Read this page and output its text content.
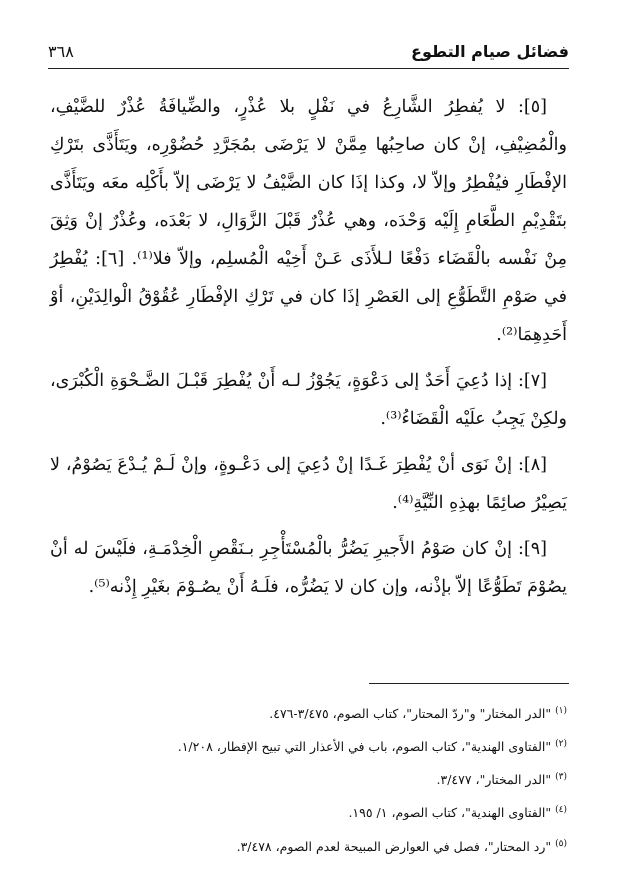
فضائل صيام التطوع
٣٦٨

[٥]: لا يُفطِرُ الشَّارِعُ في نَفْلٍ بلا عُذْرٍ، والضِّيافَةُ عُذْرٌ للضَّيْفِ، والْمُضِيْفِ، إنْ كان صاحِبُها مِمَّنْ لا يَرْضَى بمُجَرَّدِ حُضُوْرِه، ويَتَأَذَّى بتَرْكِ الإفْطَارِ فيُفْطِرُ وإلاّ لا، وكذا إذَا كان الضَّيْفُ لا يَرْضَى إلاّ بأَكْلِه معَه ويَتَأَذَّى بتَقْدِيْمِ الطَّعَامِ إِلَيْه وَحْدَه، وهي عُذْرٌ قَبْلَ الزَّوَالِ، لا بَعْدَه، وعُذْرٌ إنْ وَثِقَ مِنْ نَفْسه بالْقَضَاء دَفْعًا لـلأَذَى عَـنْ أَخِيْه الْمُسلِم، وإلاّ فلا⁽¹⁾. [٦]: يُفْطِرُ في صَوْمِ التَّطَوُّعِ إلى العَصْرِ إذَا كان في تَرْكِ الإفْطَارِ عُقُوْقُ الْوالِدَيْنِ، أوْ أَحَدِهِمَا⁽²⁾.

[٧]: إذا دُعِيَ أَحَدٌ إلى دَعْوَةٍ، يَجُوْزُ لـه أَنْ يُفْطِرَ قَبْـلَ الضَّـحْوَةِ الْكُبْرَى، ولكِنْ يَجِبُ علَيْه الْقَضَاءُ⁽³⁾.

[٨]: إنْ نَوَى أنْ يُفْطِرَ غَـدًا إنْ دُعِيَ إلى دَعْـوةٍ، وإنْ لَـمْ يُـدْعَ يَصُوْمُ، لا يَصِيْرُ صائِمًا بهذِهِ النِّيَّةِ⁽⁴⁾.

[٩]: إنْ كان صَوْمُ الأَجيرِ يَضُرُّ بالْمُسْتَأْجِرِ بـنَقْصِ الْخِدْمَـةِ، فلَيْسَ له أنْ يصُوْمَ تَطَوُّعًا إلاّ بإذْنه، وإن كان لا يَضُرُّه، فلَـهُ أَنْ يصُـوْمَ بغَيْرِ إِذْنه⁽⁵⁾.

$^{(١)}$ "الدر المختار" و"ردّ المحتار"، كتاب الصوم، ٣/٤٧٥-٤٧٦.
$^{(٢)}$ "الفتاوى الهندية"، كتاب الصوم، باب في الأعذار التي تبيح الإفطار، ١/٢٠٨.
$^{(٣)}$ "الدر المختار"، ٣/٤٧٧.
$^{(٤)}$ "الفتاوى الهندية"، كتاب الصوم، ١/ ١٩٥.
$^{(٥)}$ "رد المحتار"، فصل في العوارض المبيحة لعدم الصوم، ٣/٤٧٨.
